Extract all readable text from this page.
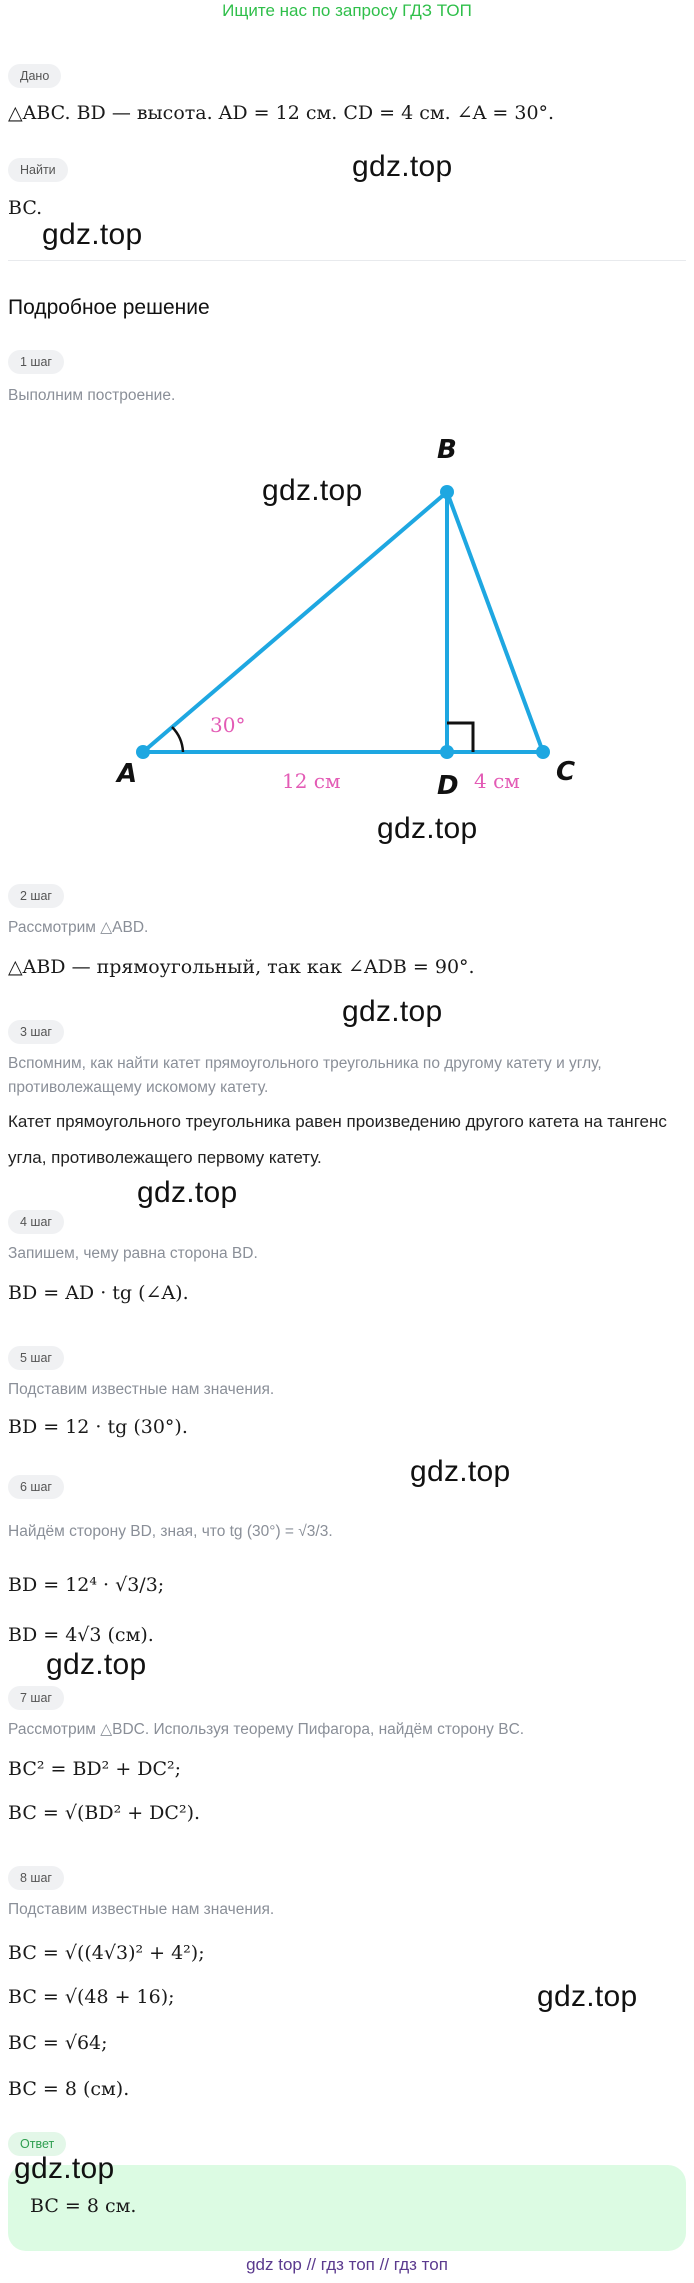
Ищите нас по запросу ГДЗ ТОП
Дано
△ABC. BD — высота. AD = 12 см. CD = 4 см. ∠A = 30°.
Найти
BC.
Подробное решение
1 шаг
Выполним построение.
A
B
C
D
30°
12 см	4 см
2 шаг
Рассмотрим △ABD.
△ABD — прямоугольный, так как ∠ADB = 90°.
3 шаг
Вспомним, как найти катет прямоугольного треугольника по другому катету и углу, противолежащему искомому катету.
Катет прямоугольного треугольника равен произведению другого катета на тангенс угла, противолежащего первому катету.
4 шаг
Запишем, чему равна сторона BD.
BD = AD · tg (∠A).
5 шаг
Подставим известные нам значения.
BD = 12 · tg (30°).
6 шаг
Найдём сторону BD, зная, что tg (30°) = √3/3.
BD = 12⁴ · √3/3;
BD = 4√3 (см).
7 шаг
Рассмотрим △BDC. Используя теорему Пифагора, найдём сторону BC.
BC² = BD² + DC²;
BC = √(BD² + DC²).
8 шаг
Подставим известные нам значения.
BC = √((4√3)² + 4²);
BC = √(48 + 16);
BC = √64;
BC = 8 (см).
Ответ
BC = 8 см.
gdz.top
gdz.top
gdz.top
gdz.top
gdz.top
gdz.top
gdz.top
gdz.top
gdz.top
gdz.top
gdz top // гдз топ // гдз топ
